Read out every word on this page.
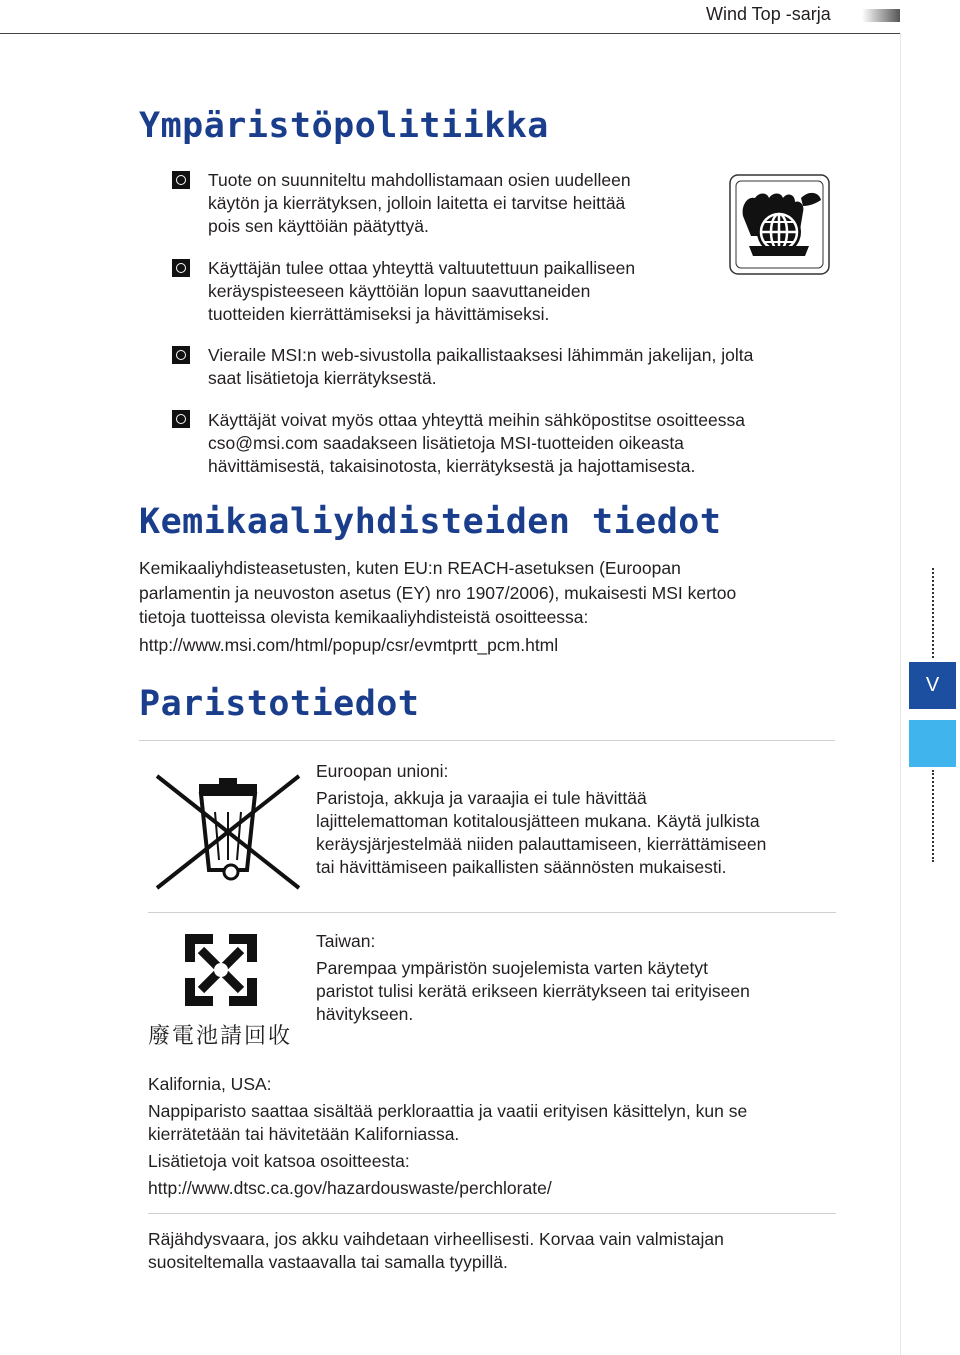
Wind Top -sarja
V
Ympäristöpolitiikka
Tuote on suunniteltu mahdollistamaan osien uudelleen
käytön ja kierrätyksen, jolloin laitetta ei tarvitse heittää
pois sen käyttöiän päätyttyä.
Käyttäjän tulee ottaa yhteyttä valtuutettuun paikalliseen
keräyspisteeseen käyttöiän lopun saavuttaneiden
tuotteiden kierrättämiseksi ja hävittämiseksi.
Vieraile MSI:n web-sivustolla paikallistaaksesi lähimmän jakelijan, jolta
saat lisätietoja kierrätyksestä.
Käyttäjät voivat myös ottaa yhteyttä meihin sähköpostitse osoitteessa
cso@msi.com saadakseen lisätietoja MSI-tuotteiden oikeasta
hävittämisestä, takaisinotosta, kierrätyksestä ja hajottamisesta.
Kemikaaliyhdisteiden tiedot
Kemikaaliyhdisteasetusten, kuten EU:n REACH-asetuksen (Euroopan
parlamentin ja neuvoston asetus (EY) nro 1907/2006), mukaisesti MSI kertoo
tietoja tuotteissa olevista kemikaaliyhdisteistä osoitteessa:
http://www.msi.com/html/popup/csr/evmtprtt_pcm.html
Paristotiedot
Euroopan unioni:
Paristoja, akkuja ja varaajia ei tule hävittää
lajittelemattoman kotitalousjätteen mukana. Käytä julkista
keräysjärjestelmää niiden palauttamiseen, kierrättämiseen
tai hävittämiseen paikallisten säännösten mukaisesti.
廢電池請回收
Taiwan:
Parempaa ympäristön suojelemista varten käytetyt
paristot tulisi kerätä erikseen kierrätykseen tai erityiseen
hävitykseen.
Kalifornia, USA:
Nappiparisto saattaa sisältää perkloraattia ja vaatii erityisen käsittelyn, kun se
kierrätetään tai hävitetään Kaliforniassa.
Lisätietoja voit katsoa osoitteesta:
http://www.dtsc.ca.gov/hazardouswaste/perchlorate/
Räjähdysvaara, jos akku vaihdetaan virheellisesti. Korvaa vain valmistajan
suositeltemalla vastaavalla tai samalla tyypillä.
